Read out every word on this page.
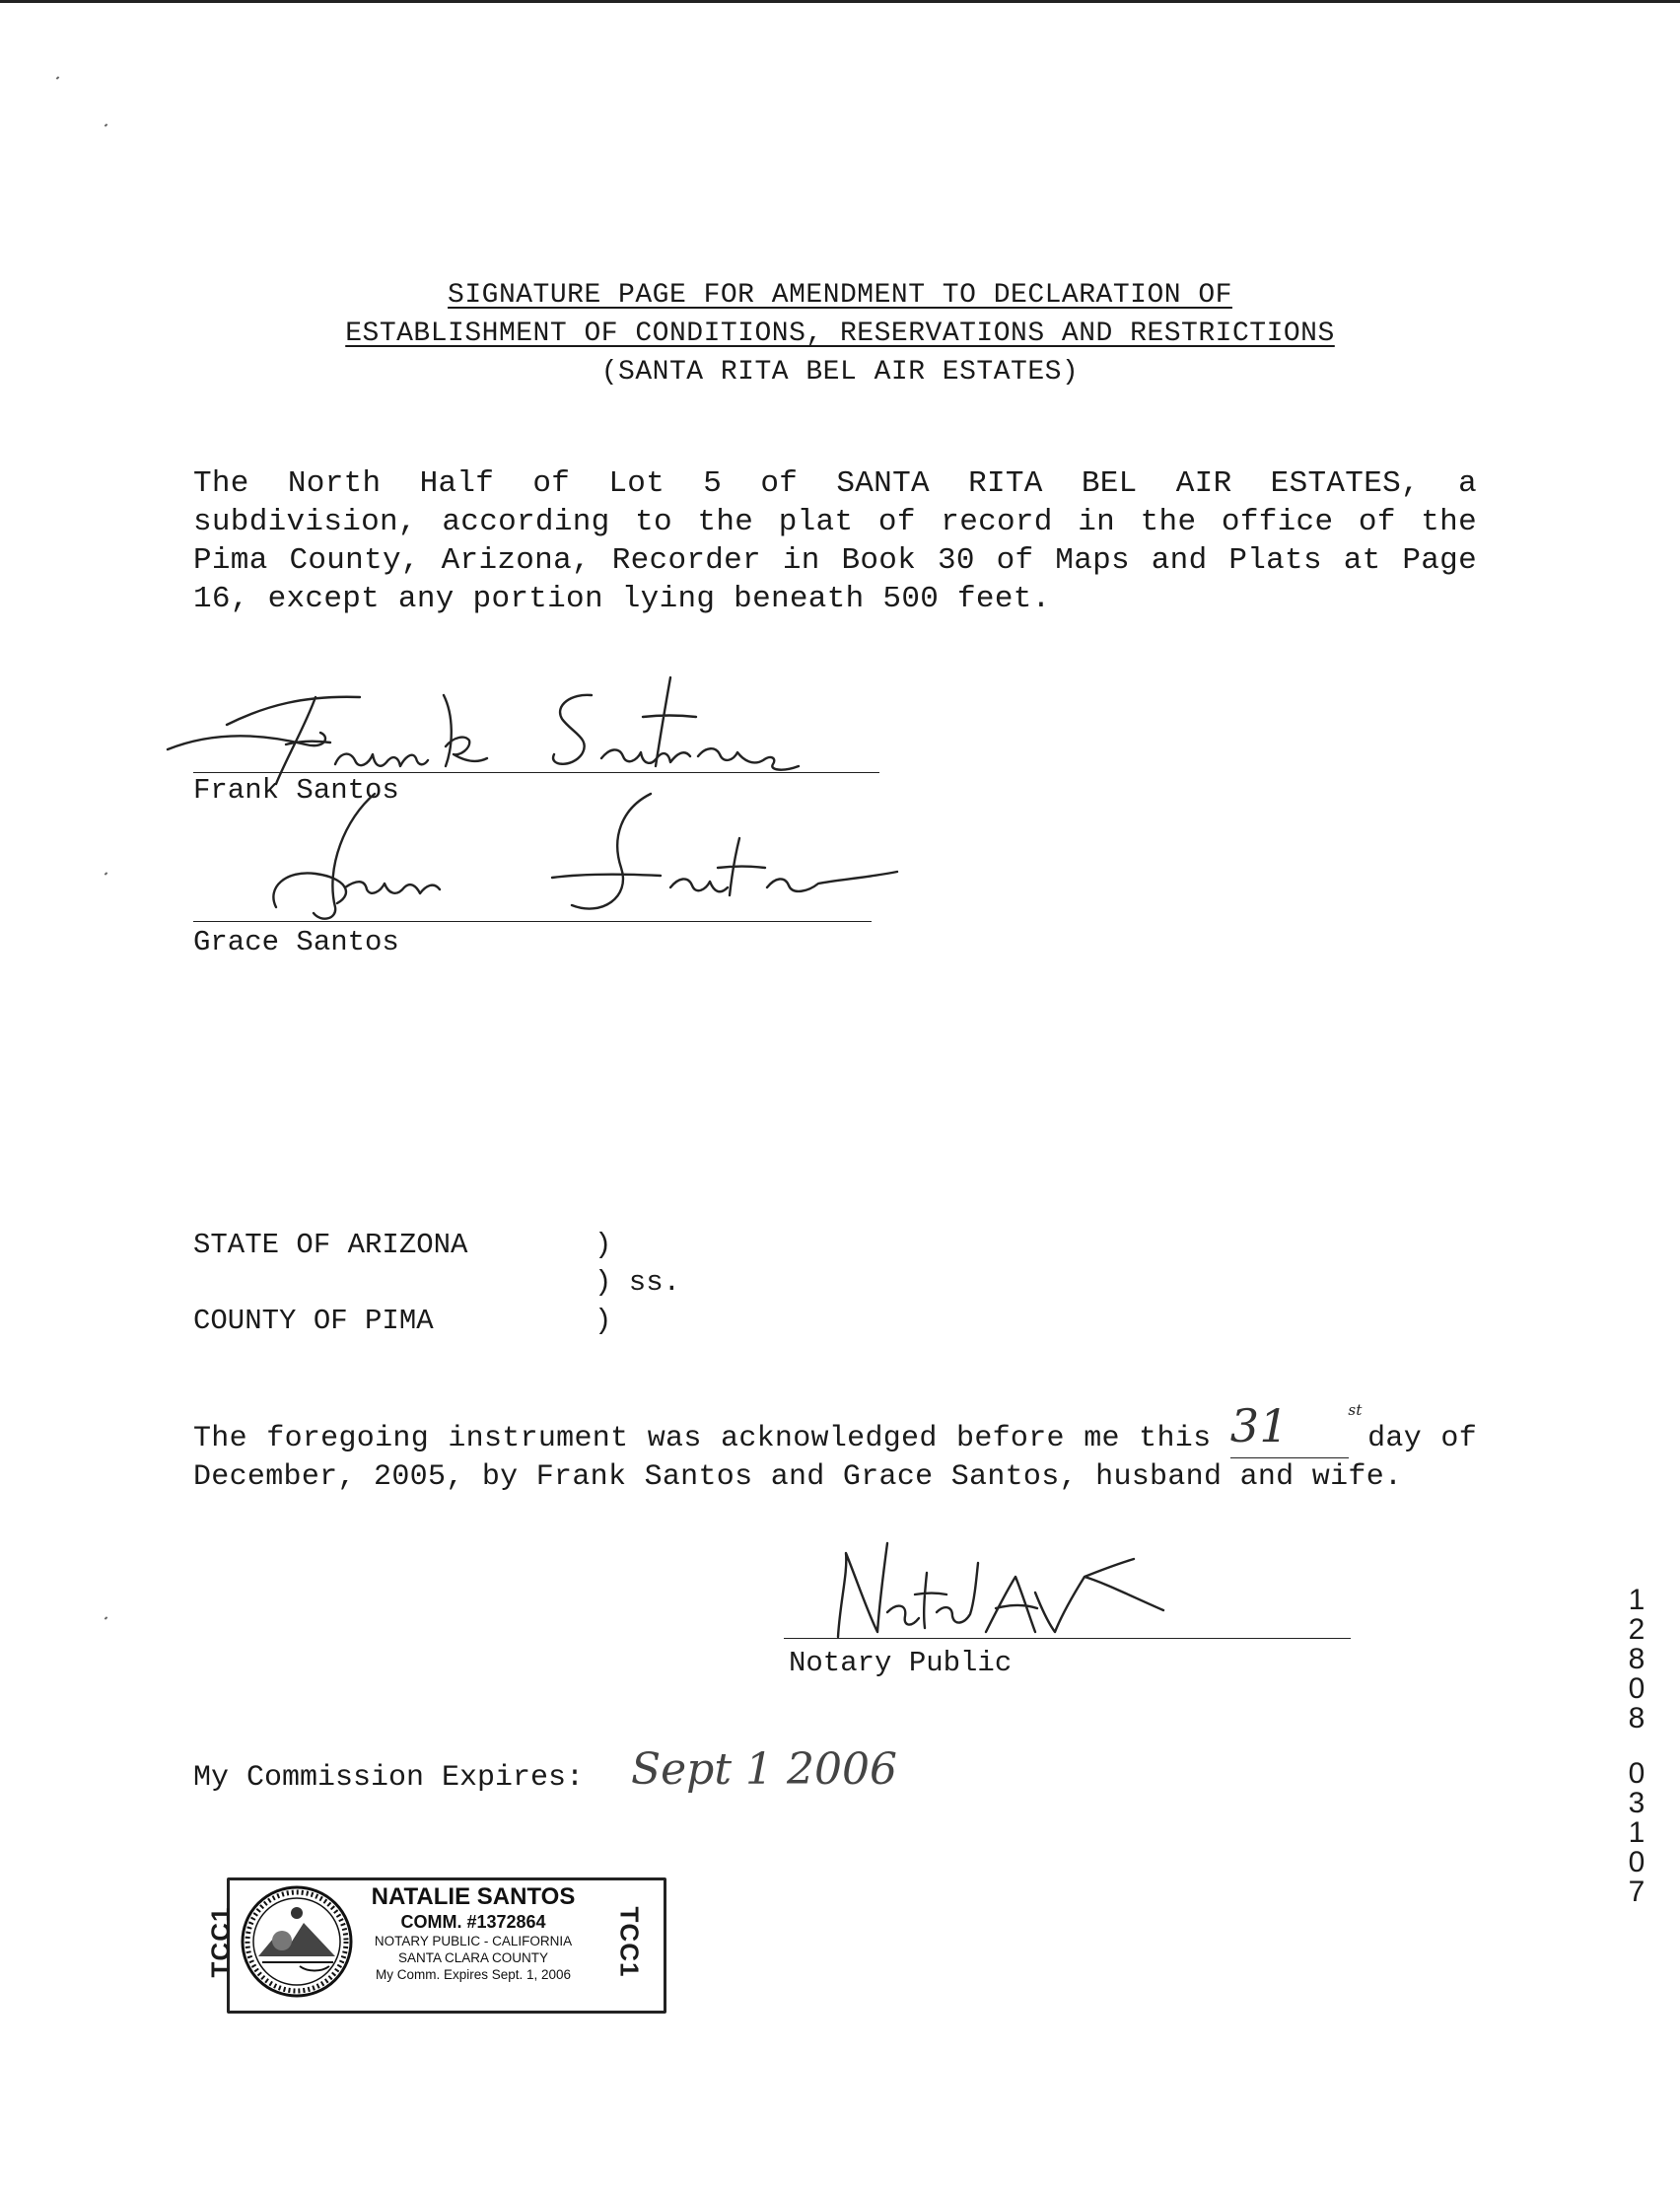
SIGNATURE PAGE FOR AMENDMENT TO DECLARATION OF
ESTABLISHMENT OF CONDITIONS, RESERVATIONS AND RESTRICTIONS
(SANTA RITA BEL AIR ESTATES)
The North Half of Lot 5 of SANTA RITA BEL AIR ESTATES, a subdivision, according to the plat of record in the office of the Pima County, Arizona, Recorder in Book 30 of Maps and Plats at Page 16, except any portion lying beneath 500 feet.
Frank Santos
Grace Santos
STATE OF ARIZONA	)
) ss.
COUNTY OF PIMA	)
The foregoing instrument was acknowledged before me this 31	st
day of December, 2005, by Frank Santos and Grace Santos, husband and wife.
Notary Public
My Commission Expires: Sept 1 2006
1
2
8
0
8
0
3
1
0
7
NATALIE SANTOS
COMM. #1372864
NOTARY PUBLIC - CALIFORNIA
SANTA CLARA COUNTY
My Comm. Expires Sept. 1, 2006
TCC1	TCC1
